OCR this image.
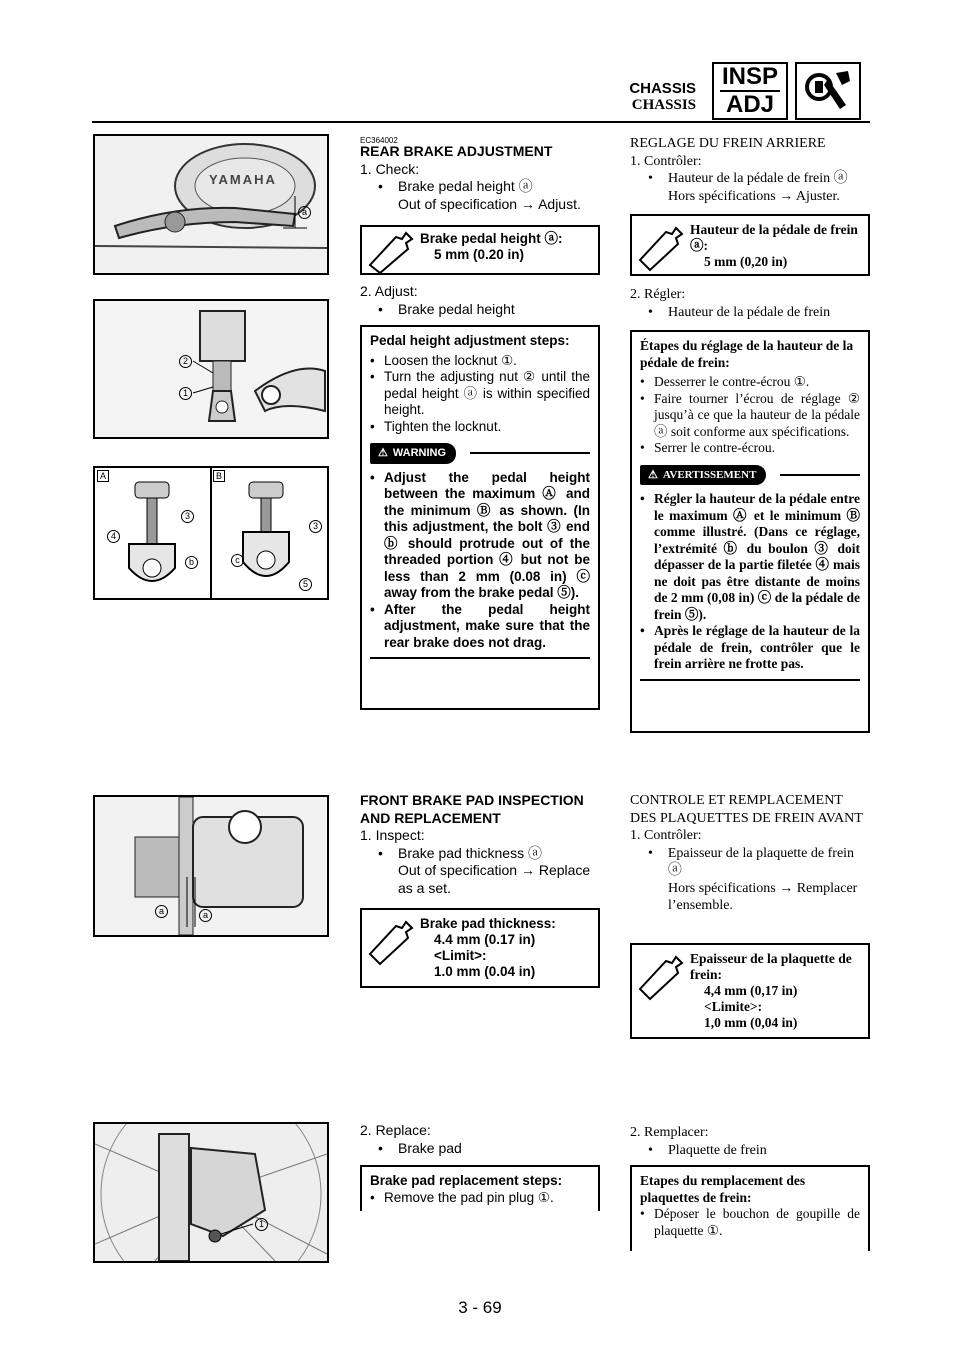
CHASSIS
CHASSIS
INSP
ADJ
YAMAHA
a
2
1
A	B
3
4
b
3
c
5
a	a
1
EC364002
REAR BRAKE ADJUSTMENT
1. Check:
•	Brake pedal height ⓐ
Out of specification → Adjust.
Brake pedal height ⓐ:
5 mm (0.20 in)
2. Adjust:
•	Brake pedal height
Pedal height adjustment steps:
• Loosen the locknut ①.
• Turn the adjusting nut ② until the pedal height ⓐ is within specified height.
• Tighten the locknut.
⚠ WARNING
• Adjust the pedal height between the maximum Ⓐ and the minimum Ⓑ as shown. (In this adjustment, the bolt ③ end ⓑ should protrude out of the threaded portion ④ but not be less than 2 mm (0.08 in) ⓒ away from the brake pedal ⑤).
• After the pedal height adjustment, make sure that the rear brake does not drag.
REGLAGE DU FREIN ARRIERE
1. Contrôler:
•	Hauteur de la pédale de frein ⓐ
Hors spécifications → Ajuster.
Hauteur de la pédale de frein ⓐ:
5 mm (0,20 in)
2. Régler:
•	Hauteur de la pédale de frein
Étapes du réglage de la hauteur de la pédale de frein:
• Desserrer le contre-écrou ①.
• Faire tourner l’écrou de réglage ② jusqu’à ce que la hauteur de la pédale ⓐ soit conforme aux spécifications.
• Serrer le contre-écrou.
⚠ AVERTISSEMENT
• Régler la hauteur de la pédale entre le maximum Ⓐ et le minimum Ⓑ comme illustré. (Dans ce réglage, l’extrémité ⓑ du boulon ③ doit dépasser de la partie filetée ④ mais ne doit pas être distante de moins de 2 mm (0,08 in) ⓒ de la pédale de frein ⑤).
• Après le réglage de la hauteur de la pédale de frein, contrôler que le frein arrière ne frotte pas.
FRONT BRAKE PAD INSPECTION AND REPLACEMENT
1. Inspect:
•	Brake pad thickness ⓐ
Out of specification → Replace as a set.
Brake pad thickness:
4.4 mm (0.17 in)
<Limit>:
1.0 mm (0.04 in)
2. Replace:
•	Brake pad
Brake pad replacement steps:
• Remove the pad pin plug ①.
CONTROLE ET REMPLACEMENT DES PLAQUETTES DE FREIN AVANT
1. Contrôler:
•	Epaisseur de la plaquette de frein ⓐ
Hors spécifications → Remplacer l’ensemble.
Epaisseur de la plaquette de frein:
4,4 mm (0,17 in)
<Limite>:
1,0 mm (0,04 in)
2. Remplacer:
•	Plaquette de frein
Etapes du remplacement des plaquettes de frein:
• Déposer le bouchon de goupille de plaquette ①.
3 - 69
